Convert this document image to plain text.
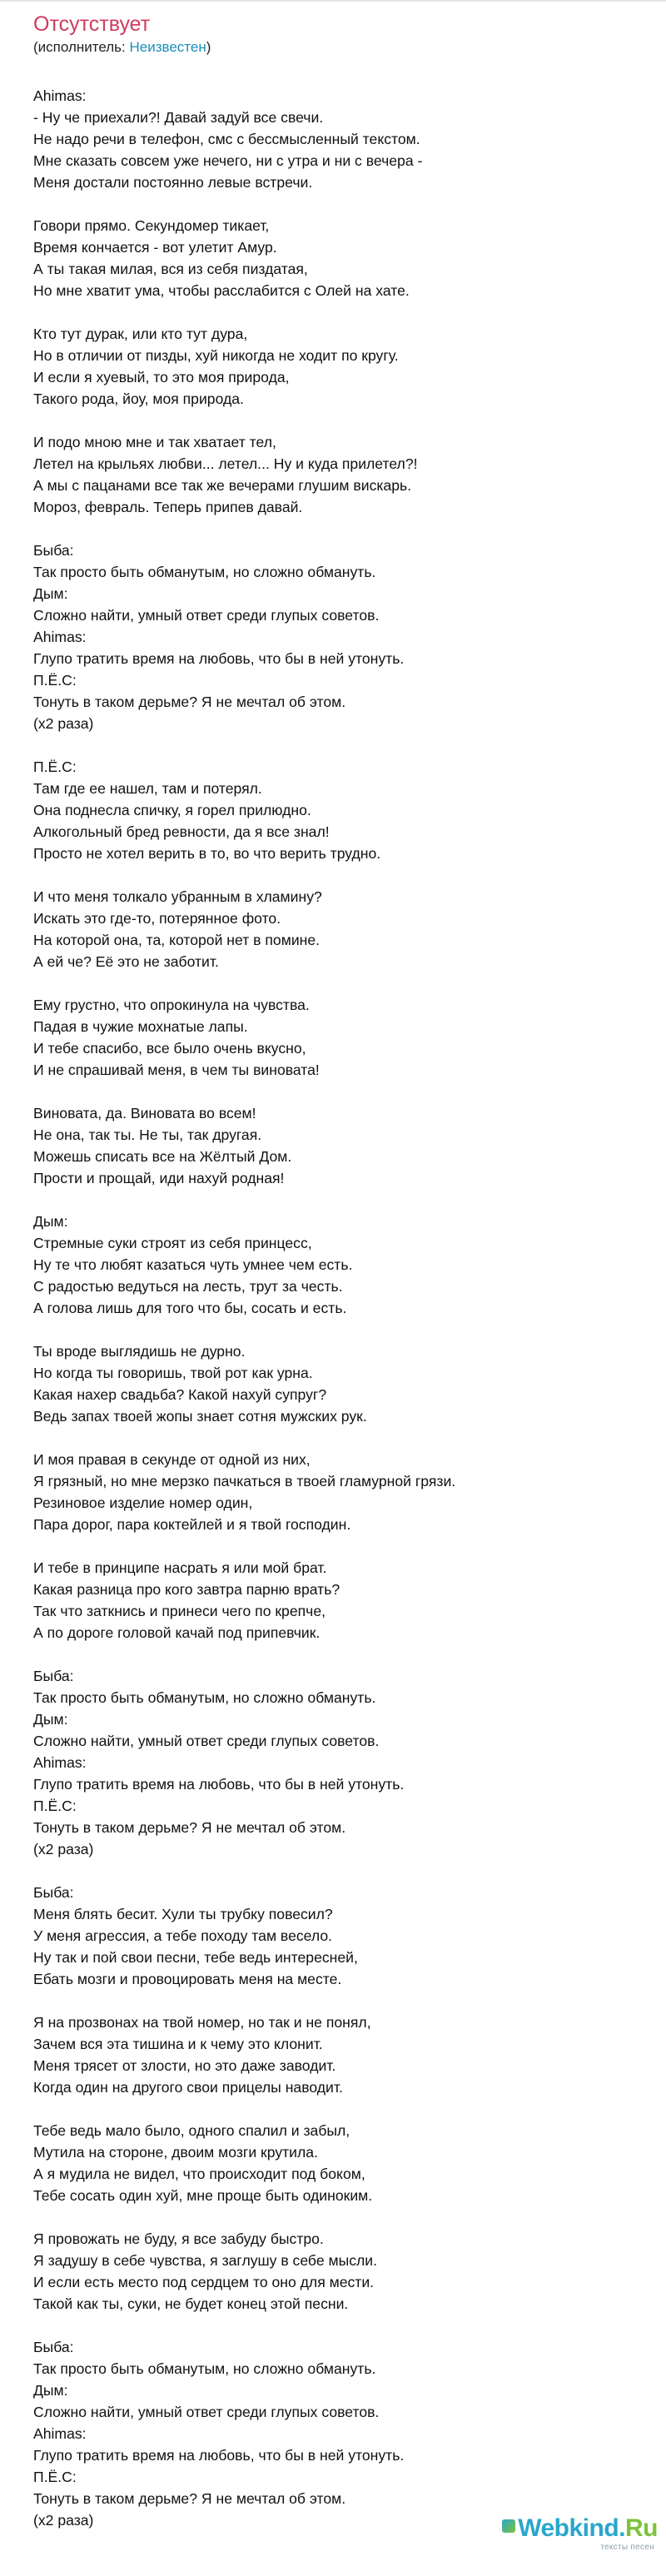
Отсутствует
(исполнитель: Неизвестен)
Ahimas:
- Ну че приехали?! Давай задуй все свечи.
Не надо речи в телефон, смс с бессмысленный текстом.
Мне сказать совсем уже нечего, ни с утра и ни с вечера -
Меня достали постоянно левые встречи.
Говори прямо. Секундомер тикает,
Время кончается - вот улетит Амур.
А ты такая милая, вся из себя пиздатая,
Но мне хватит ума, чтобы расслабится с Олей на хате.
Кто тут дурак, или кто тут дура,
Но в отличии от пизды, хуй никогда не ходит по кругу.
И если я хуевый, то это моя природа,
Такого рода, йоу, моя природа.
И подо мною мне и так хватает тел,
Летел на крыльях любви... летел... Ну и куда прилетел?!
А мы с пацанами все так же вечерами глушим вискарь.
Мороз, февраль. Теперь припев давай.
Быба:
Так просто быть обманутым, но сложно обмануть.
Дым:
Сложно найти, умный ответ среди глупых советов.
Ahimas:
Глупо тратить время на любовь, что бы в ней утонуть.
П.Ё.С:
Тонуть в таком дерьме? Я не мечтал об этом.
(x2 раза)
П.Ё.С:
Там где ее нашел, там и потерял.
Она поднесла спичку, я горел прилюдно.
Алкогольный бред ревности, да я все знал!
Просто не хотел верить в то, во что верить трудно.
И что меня толкало убранным в хламину?
Искать это где-то, потерянное фото.
На которой она, та, которой нет в помине.
А ей че? Её это не заботит.
Ему грустно, что опрокинула на чувства.
Падая в чужие мохнатые лапы.
И тебе спасибо, все было очень вкусно,
И не спрашивай меня, в чем ты виновата!
Виновата, да. Виновата во всем!
Не она, так ты. Не ты, так другая.
Можешь списать все на Жёлтый Дом.
Прости и прощай, иди нахуй родная!
Дым:
Стремные суки строят из себя принцесс,
Ну те что любят казаться чуть умнее чем есть.
С радостью ведуться на лесть, трут за честь.
А голова лишь для того что бы, сосать и есть.
Ты вроде выглядишь не дурно.
Но когда ты говоришь, твой рот как урна.
Какая нахер свадьба? Какой нахуй супруг?
Ведь запах твоей жопы знает сотня мужских рук.
И моя правая в секунде от одной из них,
Я грязный, но мне мерзко пачкаться в твоей гламурной грязи.
Резиновое изделие номер один,
Пара дорог, пара коктейлей и я твой господин.
И тебе в принципе насрать я или мой брат.
Какая разница про кого завтра парню врать?
Так что заткнись и принеси чего по крепче,
А по дороге головой качай под припевчик.
Быба:
Так просто быть обманутым, но сложно обмануть.
Дым:
Сложно найти, умный ответ среди глупых советов.
Ahimas:
Глупо тратить время на любовь, что бы в ней утонуть.
П.Ё.С:
Тонуть в таком дерьме? Я не мечтал об этом.
(x2 раза)
Быба:
Меня блять бесит. Хули ты трубку повесил?
У меня агрессия, а тебе походу там весело.
Ну так и пой свои песни, тебе ведь интересней,
Ебать мозги и провоцировать меня на месте.
Я на прозвонах на твой номер, но так и не понял,
Зачем вся эта тишина и к чему это клонит.
Меня трясет от злости, но это даже заводит.
Когда один на другого свои прицелы наводит.
Тебе ведь мало было, одного спалил и забыл,
Мутила на стороне, двоим мозги крутила.
А я мудила не видел, что происходит под боком,
Тебе сосать один хуй, мне проще быть одиноким.
Я провожать не буду, я все забуду быстро.
Я задушу в себе чувства, я заглушу в себе мысли.
И если есть место под сердцем то оно для мести.
Такой как ты, суки, не будет конец этой песни.
Быба:
Так просто быть обманутым, но сложно обмануть.
Дым:
Сложно найти, умный ответ среди глупых советов.
Ahimas:
Глупо тратить время на любовь, что бы в ней утонуть.
П.Ё.С:
Тонуть в таком дерьме? Я не мечтал об этом.
(x2 раза)	Webkind.Ru
тексты песен
